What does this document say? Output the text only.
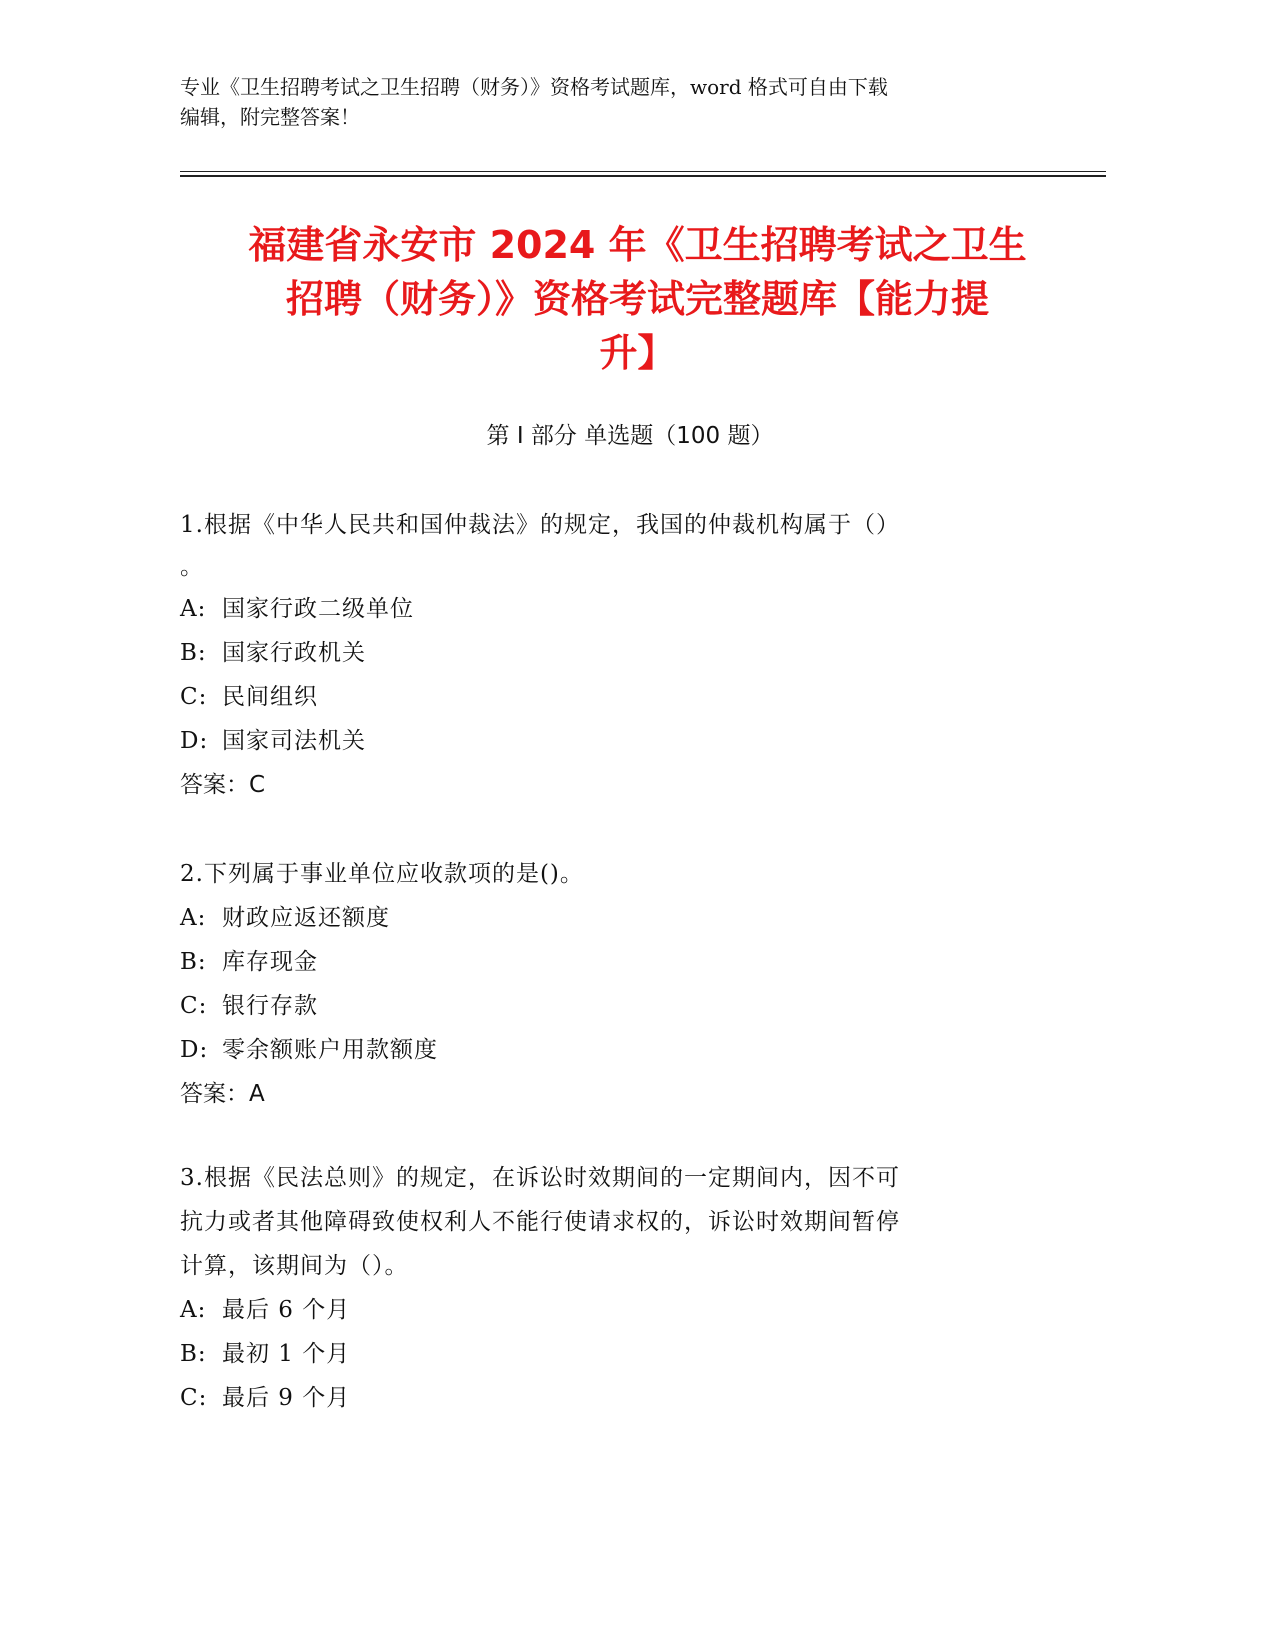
专业《卫生招聘考试之卫生招聘（财务）》资格考试题库，word 格式可自由下载
编辑，附完整答案！
福建省永安市 2024 年《卫生招聘考试之卫生
招聘（财务）》资格考试完整题库【能力提
升】
第 I 部分 单选题（100 题）
1.根据《中华人民共和国仲裁法》的规定，我国的仲裁机构属于（）
。
A: 国家行政二级单位
B: 国家行政机关
C: 民间组织
D: 国家司法机关
答案：C
2.下列属于事业单位应收款项的是()。
A: 财政应返还额度
B: 库存现金
C: 银行存款
D: 零余额账户用款额度
答案：A
3.根据《民法总则》的规定，在诉讼时效期间的一定期间内，因不可
抗力或者其他障碍致使权利人不能行使请求权的，诉讼时效期间暂停
计算，该期间为（）。
A: 最后 6 个月
B: 最初 1 个月
C: 最后 9 个月
